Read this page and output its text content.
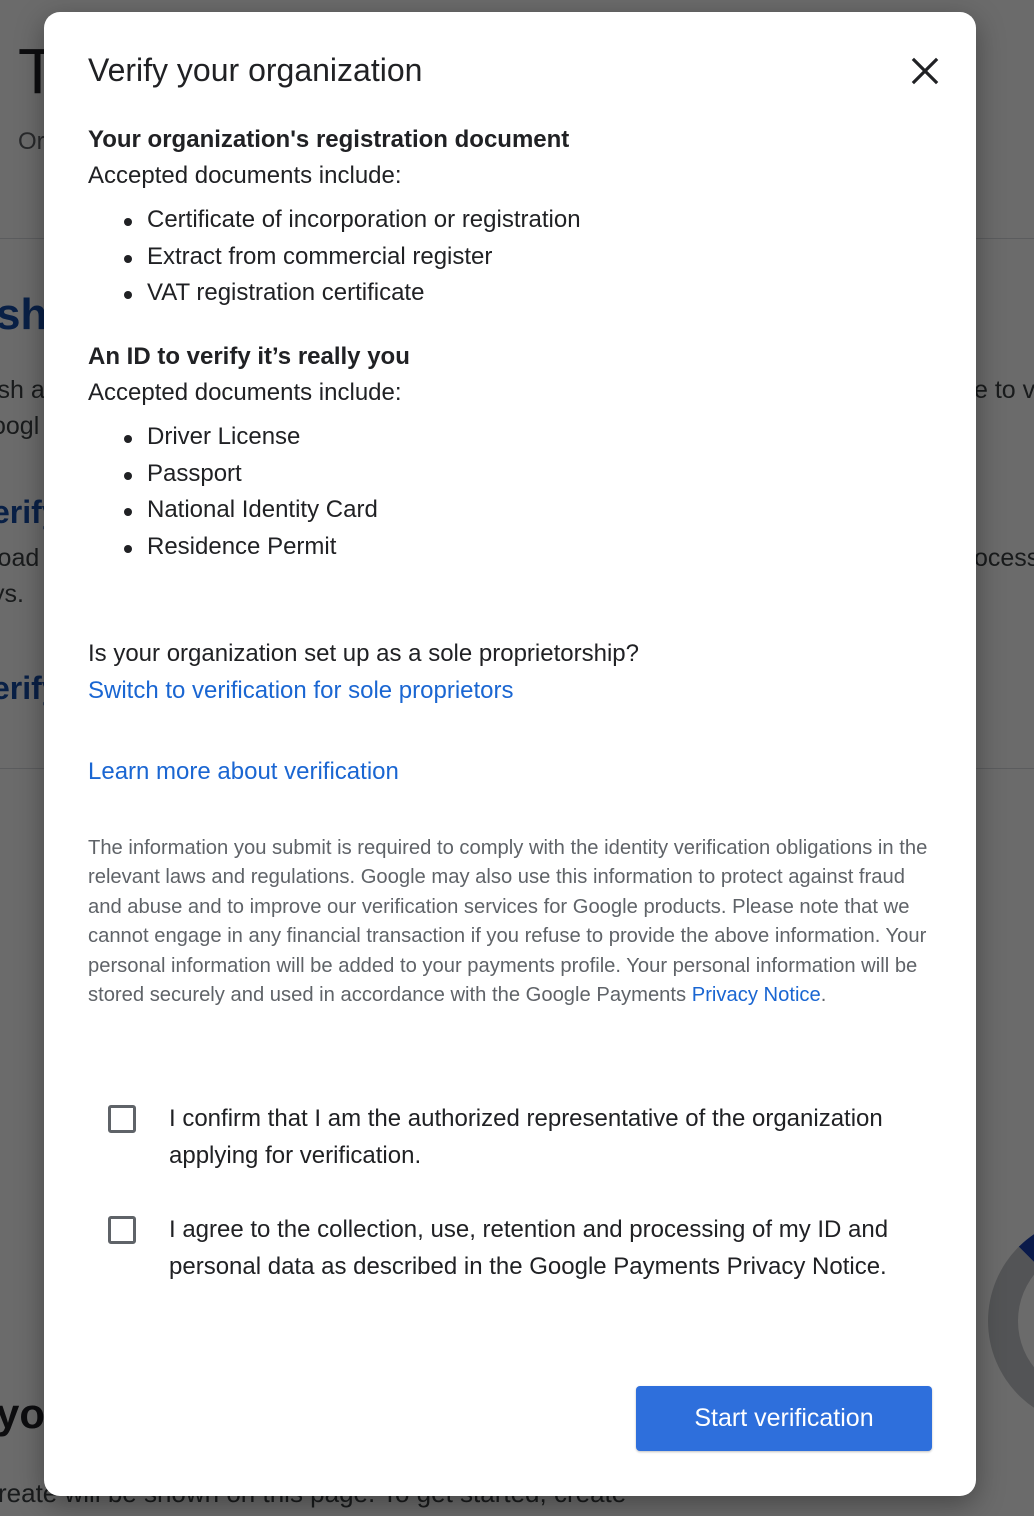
Verify your organization
Your organization's registration document
Accepted documents include:
Certificate of incorporation or registration
Extract from commercial register
VAT registration certificate
An ID to verify it’s really you
Accepted documents include:
Driver License
Passport
National Identity Card
Residence Permit
Is your organization set up as a sole proprietorship?
Switch to verification for sole proprietors
Learn more about verification
The information you submit is required to comply with the identity verification obligations in the relevant laws and regulations. Google may also use this information to protect against fraud and abuse and to improve our verification services for Google products. Please note that we cannot engage in any financial transaction if you refuse to provide the above information. Your personal information will be added to your payments profile. Your personal information will be stored securely and used in accordance with the Google Payments Privacy Notice.
I confirm that I am the authorized representative of the organization applying for verification.
I agree to the collection, use, retention and processing of my ID and personal data as described in the Google Payments Privacy Notice.
Start verification
